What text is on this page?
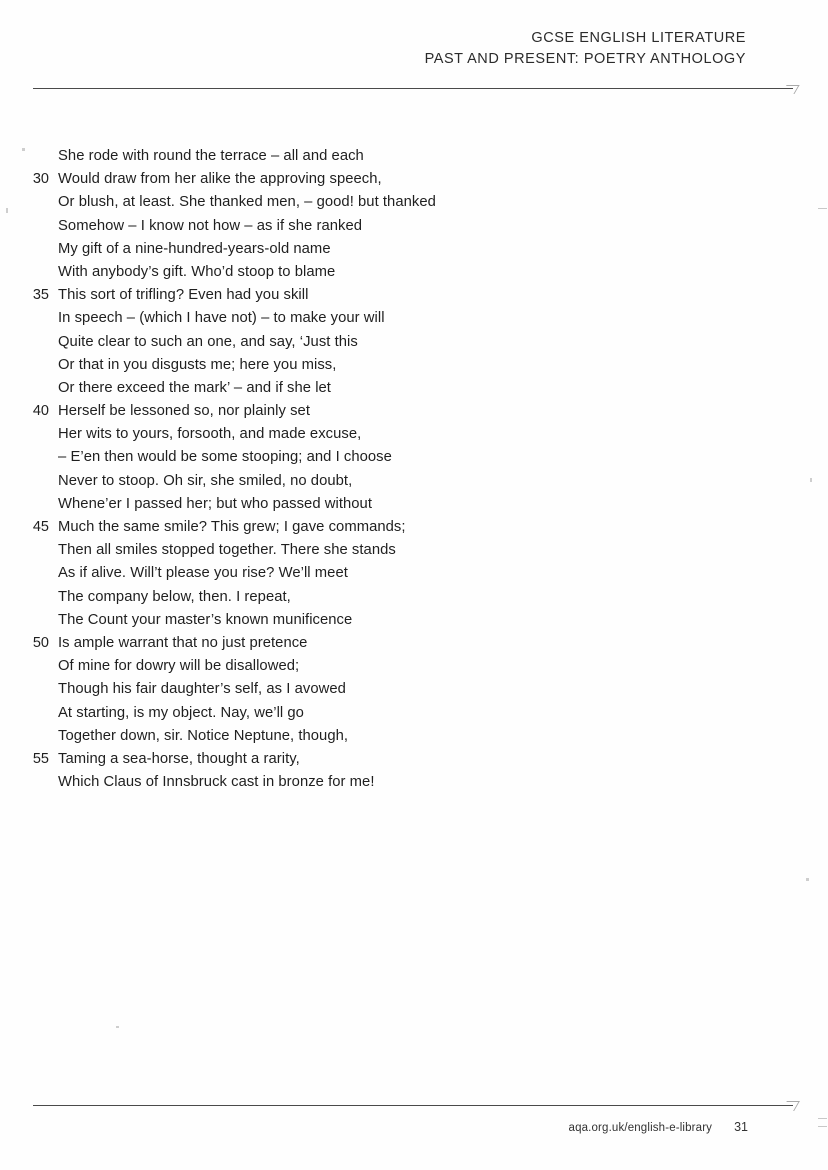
GCSE ENGLISH LITERATURE
PAST AND PRESENT: POETRY ANTHOLOGY
She rode with round the terrace – all and each
30 Would draw from her alike the approving speech,
Or blush, at least. She thanked men, – good! but thanked
Somehow – I know not how – as if she ranked
My gift of a nine-hundred-years-old name
With anybody’s gift. Who’d stoop to blame
35 This sort of trifling? Even had you skill
In speech – (which I have not) – to make your will
Quite clear to such an one, and say, ‘Just this
Or that in you disgusts me; here you miss,
Or there exceed the mark’ – and if she let
40 Herself be lessoned so, nor plainly set
Her wits to yours, forsooth, and made excuse,
– E’en then would be some stooping; and I choose
Never to stoop. Oh sir, she smiled, no doubt,
Whene’er I passed her; but who passed without
45 Much the same smile? This grew; I gave commands;
Then all smiles stopped together. There she stands
As if alive. Will’t please you rise? We’ll meet
The company below, then. I repeat,
The Count your master’s known munificence
50 Is ample warrant that no just pretence
Of mine for dowry will be disallowed;
Though his fair daughter’s self, as I avowed
At starting, is my object. Nay, we’ll go
Together down, sir. Notice Neptune, though,
55 Taming a sea-horse, thought a rarity,
Which Claus of Innsbruck cast in bronze for me!
aqa.org.uk/english-e-library 31
